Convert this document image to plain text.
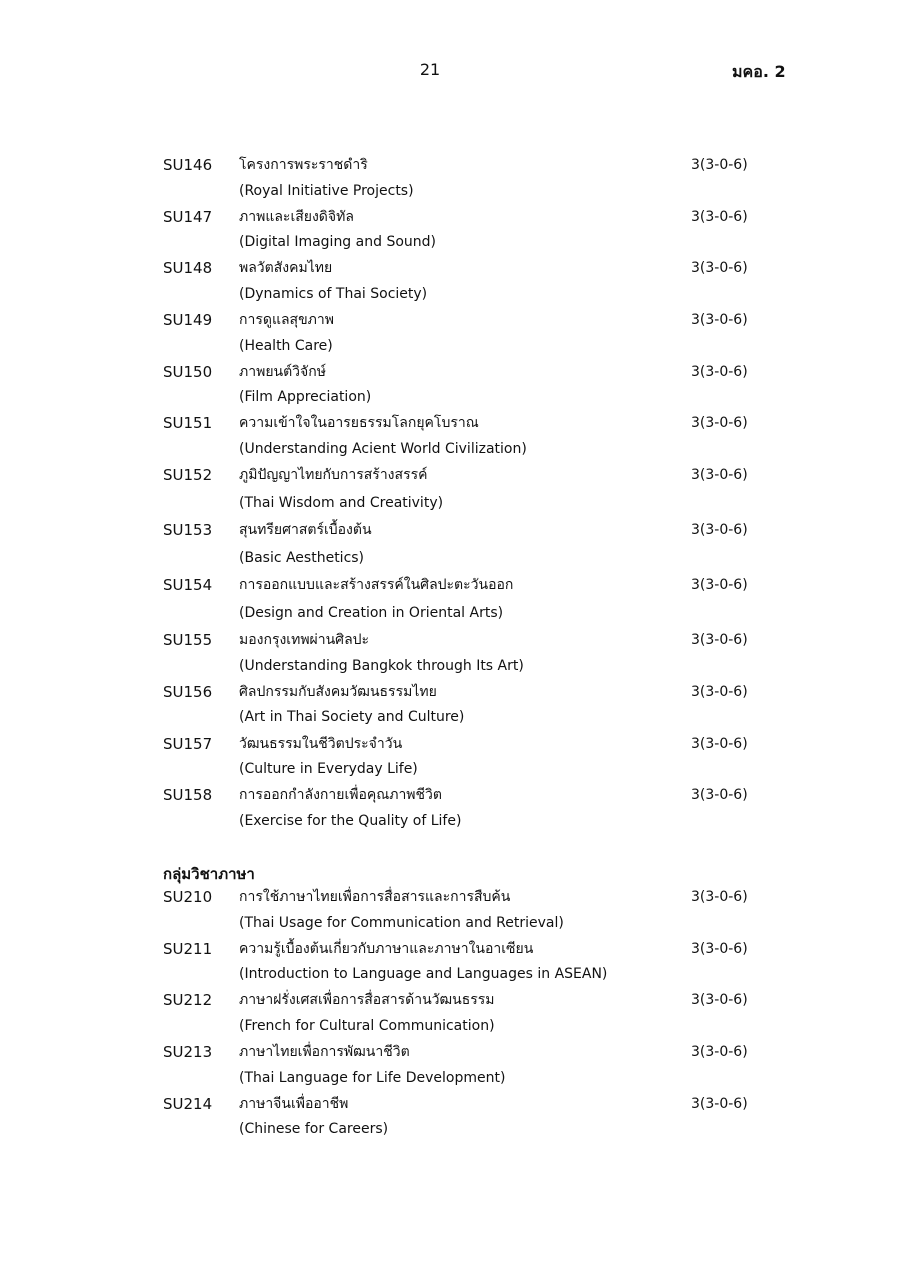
21	มคอ. 2
SU146 โครงการพระราชดำริ	3(3-0-6)
(Royal Initiative Projects)
SU147 ภาพและเสียงดิจิทัล	3(3-0-6)
(Digital Imaging and Sound)
SU148 พลวัตสังคมไทย	3(3-0-6)
(Dynamics of Thai Society)
SU149 การดูแลสุขภาพ	3(3-0-6)
(Health Care)
SU150 ภาพยนต์วิจักษ์	3(3-0-6)
(Film Appreciation)
SU151 ความเข้าใจในอารยธรรมโลกยุคโบราณ	3(3-0-6)
(Understanding Acient World Civilization)
SU152 ภูมิปัญญาไทยกับการสร้างสรรค์	3(3-0-6)
(Thai Wisdom and Creativity)
SU153 สุนทรียศาสตร์เบื้องต้น	3(3-0-6)
(Basic Aesthetics)
SU154 การออกแบบและสร้างสรรค์ในศิลปะตะวันออก	3(3-0-6)
(Design and Creation in Oriental Arts)
SU155 มองกรุงเทพผ่านศิลปะ	3(3-0-6)
(Understanding Bangkok through Its Art)
SU156 ศิลปกรรมกับสังคมวัฒนธรรมไทย	3(3-0-6)
(Art in Thai Society and Culture)
SU157 วัฒนธรรมในชีวิตประจำวัน	3(3-0-6)
(Culture in Everyday Life)
SU158 การออกกำลังกายเพื่อคุณภาพชีวิต	3(3-0-6)
(Exercise for the Quality of Life)
กลุ่มวิชาภาษา
SU210 การใช้ภาษาไทยเพื่อการสื่อสารและการสืบค้น	3(3-0-6)
(Thai Usage for Communication and Retrieval)
SU211 ความรู้เบื้องต้นเกี่ยวกับภาษาและภาษาในอาเซียน	3(3-0-6)
(Introduction to Language and Languages in ASEAN)
SU212 ภาษาฝรั่งเศสเพื่อการสื่อสารด้านวัฒนธรรม	3(3-0-6)
(French for Cultural Communication)
SU213 ภาษาไทยเพื่อการพัฒนาชีวิต	3(3-0-6)
(Thai Language for Life Development)
SU214 ภาษาจีนเพื่ออาชีพ	3(3-0-6)
(Chinese for Careers)
